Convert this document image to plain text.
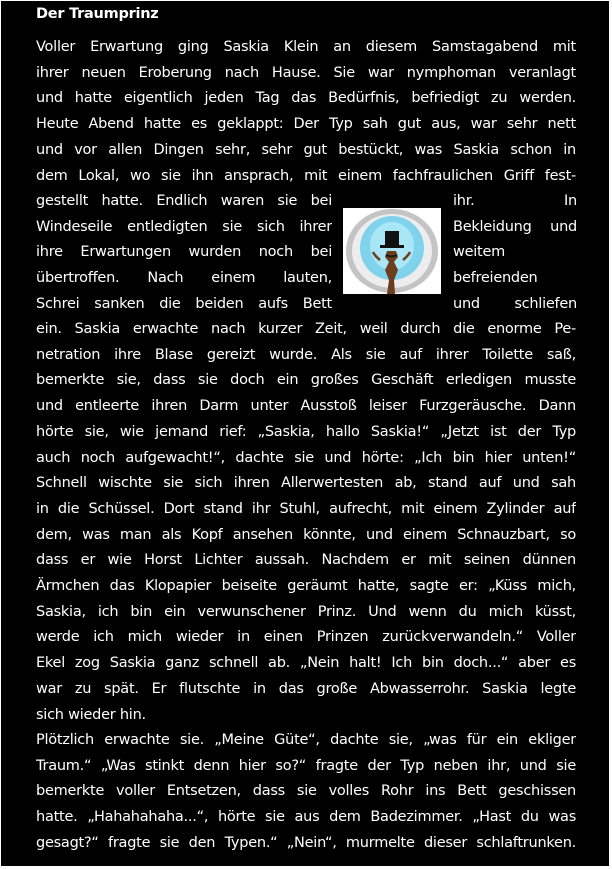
Der Traumprinz
Voller Erwartung ging Saskia Klein an diesem Samstagabend mit
ihrer neuen Eroberung nach Hause. Sie war nymphoman veranlagt
und hatte eigentlich jeden Tag das Bedürfnis, befriedigt zu werden.
Heute Abend hatte es geklappt: Der Typ sah gut aus, war sehr nett
und vor allen Dingen sehr, sehr gut bestückt, was Saskia schon in
dem Lokal, wo sie ihn ansprach, mit einem fachfraulichen Griff fest-
gestellt hatte. Endlich waren sie bei
Windeseile entledigten sie sich ihrer
ihre Erwartungen wurden noch bei
übertroffen. Nach einem lauten,
Schrei sanken die beiden aufs Bett
ihr. In
Bekleidung und
weitem
befreienden
und schliefen
ein. Saskia erwachte nach kurzer Zeit, weil durch die enorme Pe-
netration ihre Blase gereizt wurde. Als sie auf ihrer Toilette saß,
bemerkte sie, dass sie doch ein großes Geschäft erledigen musste
und entleerte ihren Darm unter Ausstoß leiser Furzgeräusche. Dann
hörte sie, wie jemand rief: „Saskia, hallo Saskia!“ „Jetzt ist der Typ
auch noch aufgewacht!“, dachte sie und hörte: „Ich bin hier unten!“
Schnell wischte sie sich ihren Allerwertesten ab, stand auf und sah
in die Schüssel. Dort stand ihr Stuhl, aufrecht, mit einem Zylinder auf
dem, was man als Kopf ansehen könnte, und einem Schnauzbart, so
dass er wie Horst Lichter aussah. Nachdem er mit seinen dünnen
Ärmchen das Klopapier beiseite geräumt hatte, sagte er: „Küss mich,
Saskia, ich bin ein verwunschener Prinz. Und wenn du mich küsst,
werde ich mich wieder in einen Prinzen zurückverwandeln.“ Voller
Ekel zog Saskia ganz schnell ab. „Nein halt! Ich bin doch...“ aber es
war zu spät. Er flutschte in das große Abwasserrohr. Saskia legte
sich wieder hin.
Plötzlich erwachte sie. „Meine Güte“, dachte sie, „was für ein ekliger
Traum.“ „Was stinkt denn hier so?“ fragte der Typ neben ihr, und sie
bemerkte voller Entsetzen, dass sie volles Rohr ins Bett geschissen
hatte. „Hahahahaha...“, hörte sie aus dem Badezimmer. „Hast du was
gesagt?“ fragte sie den Typen.“ „Nein“, murmelte dieser schlaftrunken.
